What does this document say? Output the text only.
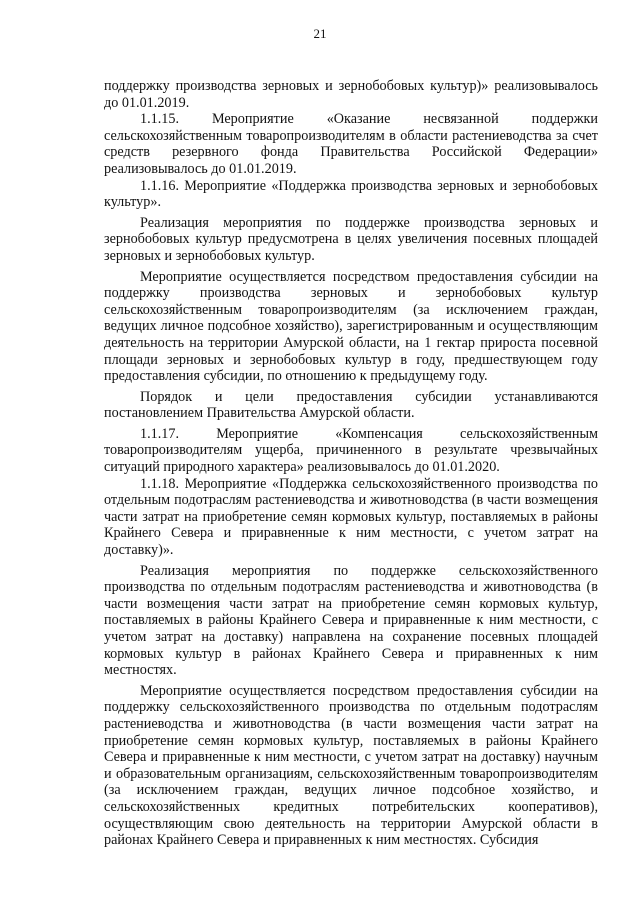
21

поддержку производства зерновых и зернобобовых культур)» реализовывалось до 01.01.2019.

1.1.15. Мероприятие «Оказание несвязанной поддержки сельскохозяйственным товаропроизводителям в области растениеводства за счет средств резервного фонда Правительства Российской Федерации» реализовывалось до 01.01.2019.

1.1.16. Мероприятие «Поддержка производства зерновых и зернобобовых культур».

Реализация мероприятия по поддержке производства зерновых и зернобобовых культур предусмотрена в целях увеличения посевных площадей зерновых и зернобобовых культур.

Мероприятие осуществляется посредством предоставления субсидии на поддержку производства зерновых и зернобобовых культур сельскохозяйственным товаропроизводителям (за исключением граждан, ведущих личное подсобное хозяйство), зарегистрированным и осуществляющим деятельность на территории Амурской области, на 1 гектар прироста посевной площади зерновых и зернобобовых культур в году, предшествующем году предоставления субсидии, по отношению к предыдущему году.

Порядок и цели предоставления субсидии устанавливаются постановлением Правительства Амурской области.

1.1.17. Мероприятие «Компенсация сельскохозяйственным товаропроизводителям ущерба, причиненного в результате чрезвычайных ситуаций природного характера» реализовывалось до 01.01.2020.

1.1.18. Мероприятие «Поддержка сельскохозяйственного производства по отдельным подотраслям растениеводства и животноводства (в части возмещения части затрат на приобретение семян кормовых культур, поставляемых в районы Крайнего Севера и приравненные к ним местности, с учетом затрат на доставку)».

Реализация мероприятия по поддержке сельскохозяйственного производства по отдельным подотраслям растениеводства и животноводства (в части возмещения части затрат на приобретение семян кормовых культур, поставляемых в районы Крайнего Севера и приравненные к ним местности, с учетом затрат на доставку) направлена на сохранение посевных площадей кормовых культур в районах Крайнего Севера и приравненных к ним местностях.

Мероприятие осуществляется посредством предоставления субсидии на поддержку сельскохозяйственного производства по отдельным подотраслям растениеводства и животноводства (в части возмещения части затрат на приобретение семян кормовых культур, поставляемых в районы Крайнего Севера и приравненные к ним местности, с учетом затрат на доставку) научным и образовательным организациям, сельскохозяйственным товаропроизводителям (за исключением граждан, ведущих личное подсобное хозяйство, и сельскохозяйственных кредитных потребительских кооперативов), осуществляющим свою деятельность на территории Амурской области в районах Крайнего Севера и приравненных к ним местностях. Субсидия
